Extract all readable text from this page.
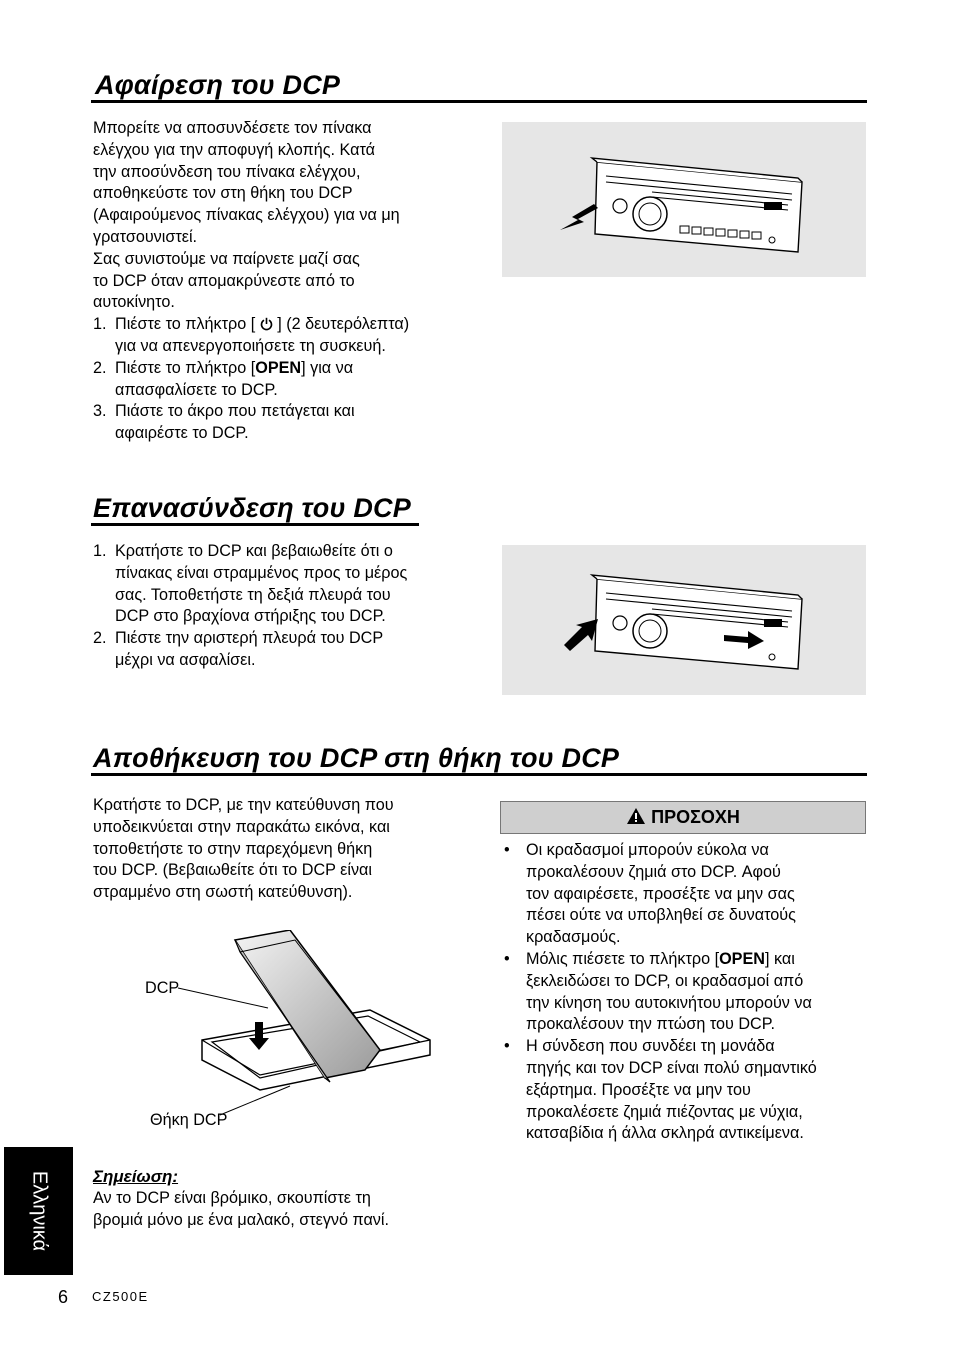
Αφαίρεση του DCP

Μπορείτε να αποσυνδέσετε τον πίνακα

ελέγχου για την αποφυγή κλοπής. Κατά

την αποσύνδεση του πίνακα ελέγχου,

αποθηκεύστε τον στη θήκη του DCP

(Αφαιρούμενος πίνακας ελέγχου) για να μη

γρατσουνιστεί.

Σας συνιστούμε να παίρνετε μαζί σας

το DCP όταν απομακρύνεστε από το

αυτοκίνητο.

1. Πιέστε το πλήκτρο [ ] (2 δευτερόλεπτα)
για να απενεργοποιήσετε τη συσκευή.
2. Πιέστε το πλήκτρο [OPEN] για να
απασφαλίσετε το DCP.
3. Πιάστε το άκρο που πετάγεται και
αφαιρέστε το DCP.
Επανασύνδεση του DCP
1. Κρατήστε το DCP και βεβαιωθείτε ότι ο
πίνακας είναι στραμμένος προς το μέρος
σας. Τοποθετήστε τη δεξιά πλευρά του
DCP στο βραχίονα στήριξης του DCP.
2. Πιέστε την αριστερή πλευρά του DCP
μέχρι να ασφαλίσει.
Αποθήκευση του DCP στη θήκη του DCP

Κρατήστε το DCP, με την κατεύθυνση που

υποδεικνύεται στην παρακάτω εικόνα, και

τοποθετήστε το στην παρεχόμενη θήκη

του DCP. (Βεβαιωθείτε ότι το DCP είναι

στραμμένο στη σωστή κατεύθυνση).

DCP
Θήκη DCP
ΠΡΟΣΟΧΗ
• Οι κραδασμοί μπορούν εύκολα να
προκαλέσουν ζημιά στο DCP. Αφού
τον αφαιρέσετε, προσέξτε να μην σας
πέσει ούτε να υποβληθεί σε δυνατούς
κραδασμούς.
• Μόλις πιέσετε το πλήκτρο [OPEN] και
ξεκλειδώσει το DCP, οι κραδασμοί από
την κίνηση του αυτοκινήτου μπορούν να
προκαλέσουν την πτώση του DCP.
• Η σύνδεση που συνδέει τη μονάδα
πηγής και τον DCP είναι πολύ σημαντικό
εξάρτημα. Προσέξτε να μην του
προκαλέσετε ζημιά πιέζοντας με νύχια,
κατσαβίδια ή άλλα σκληρά αντικείμενα.
Σημείωση:

Αν το DCP είναι βρόμικο, σκουπίστε τη

βρομιά μόνο με ένα μαλακό, στεγνό πανί.

Ελληνικά
6 CZ500E
